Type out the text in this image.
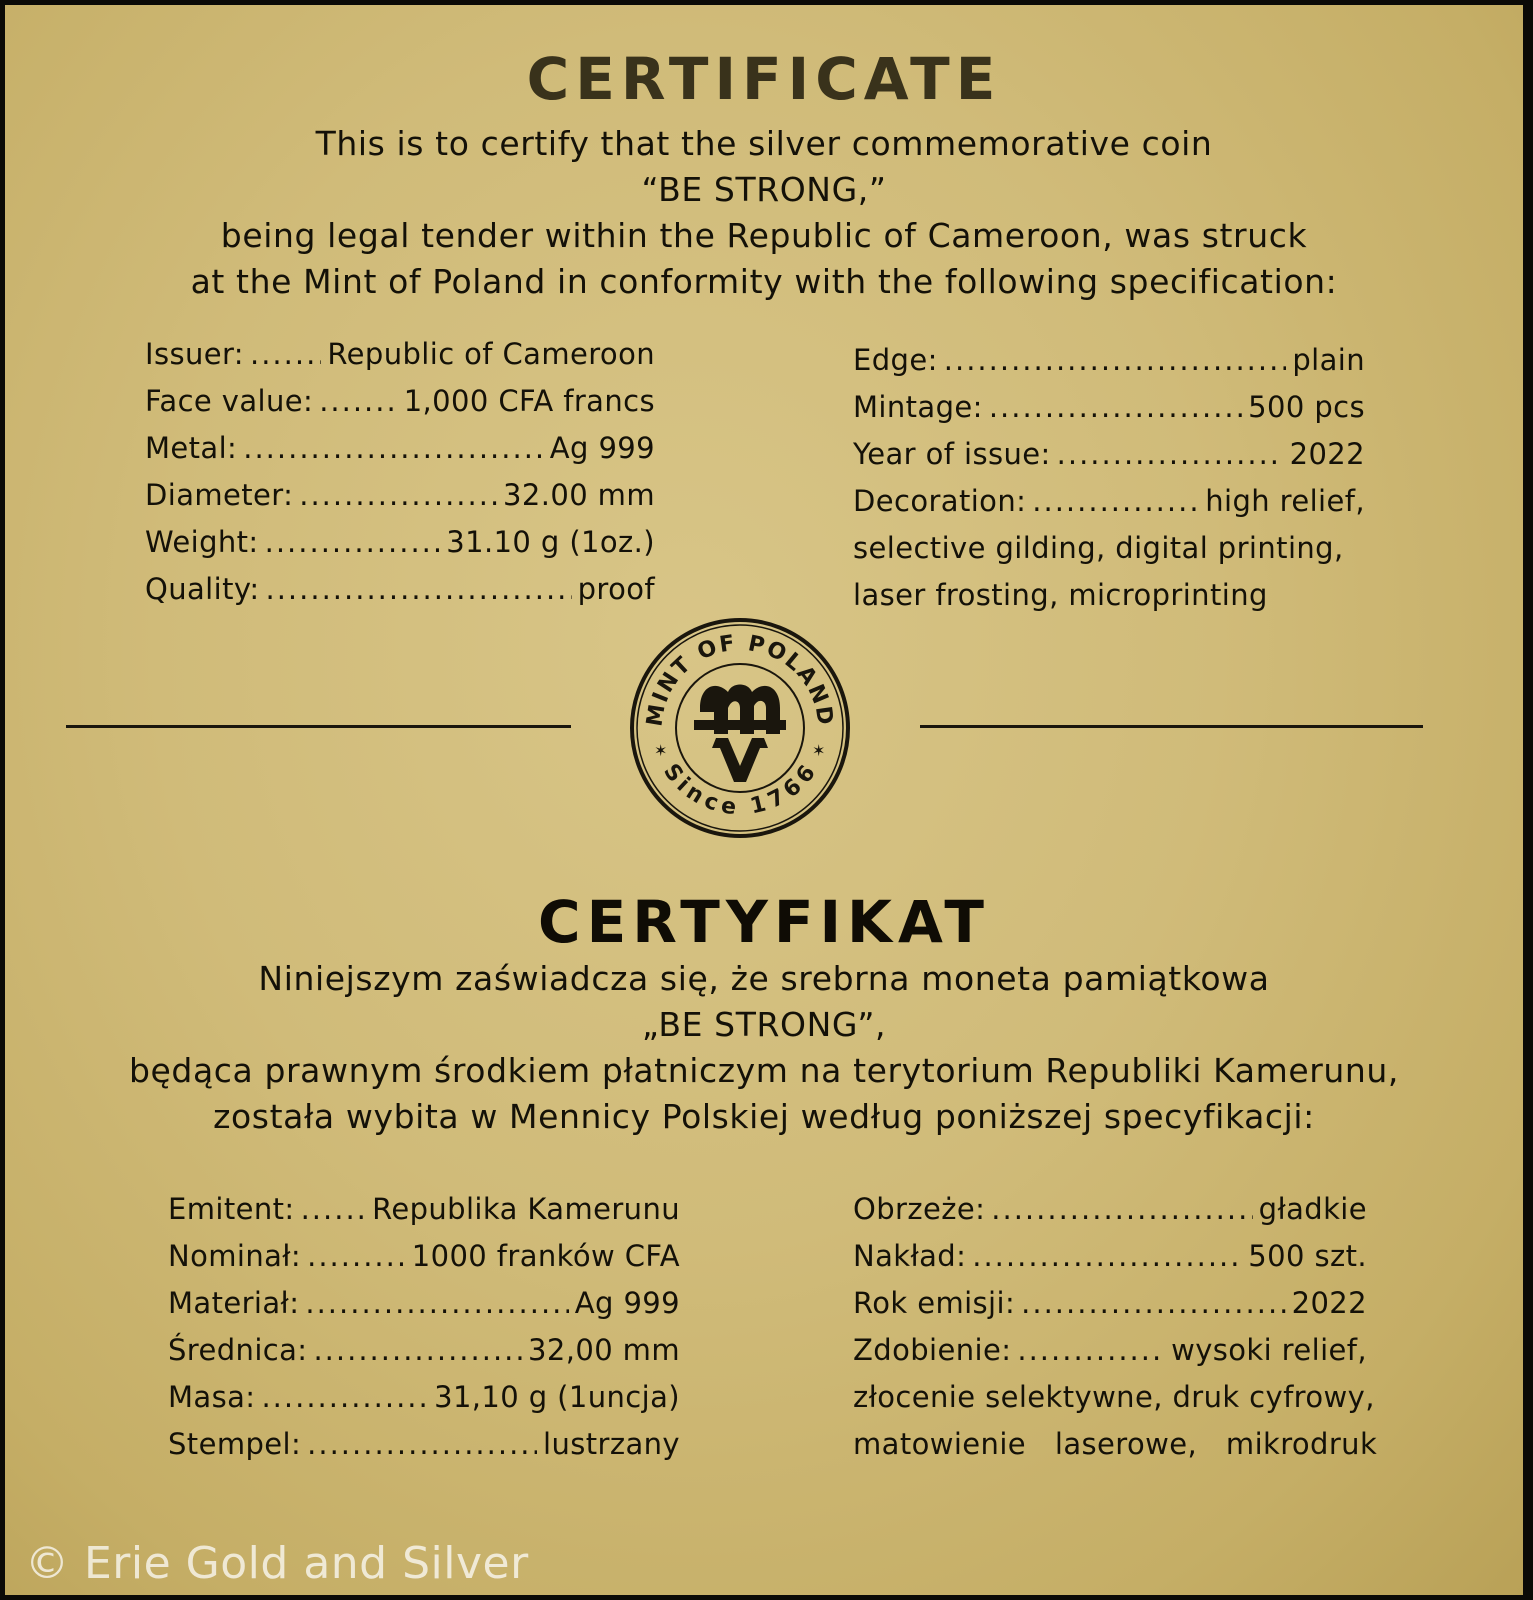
CERTIFICATE
This is to certify that the silver commemorative coin
“BE STRONG,”
being legal tender within the Republic of Cameroon, was struck
at the Mint of Poland in conformity with the following specification:
Issuer: .....	Republic of Cameroon
Face value: .....	1,000 CFA francs
Metal: .....	Ag 999
Diameter: .....	32.00 mm
Weight: .....	31.10 g (1oz.)
Quality: .....	proof
Edge: .....	plain
Mintage: .....	500 pcs
Year of issue: .....	2022
Decoration: .....	high relief,
selective gilding, digital printing,
laser frosting, microprinting
MINT OF POLAND
Since 1766
✶	✶
CERTYFIKAT
Niniejszym zaświadcza się, że srebrna moneta pamiątkowa
„BE STRONG”,
będąca prawnym środkiem płatniczym na terytorium Republiki Kamerunu,
została wybita w Mennicy Polskiej według poniższej specyfikacji:
Emitent: .....	Republika Kamerunu
Nominał: .....	1000 franków CFA
Materiał: .....	Ag 999
Średnica: .....	32,00 mm
Masa: .....	31,10 g (1uncja)
Stempel: .....	lustrzany
Obrzeże: .....	gładkie
Nakład: .....	500 szt.
Rok emisji: .....	2022
Zdobienie: .....	wysoki relief,
złocenie selektywne, druk cyfrowy,
matowienie   laserowe,   mikrodruk
© Erie Gold and Silver
